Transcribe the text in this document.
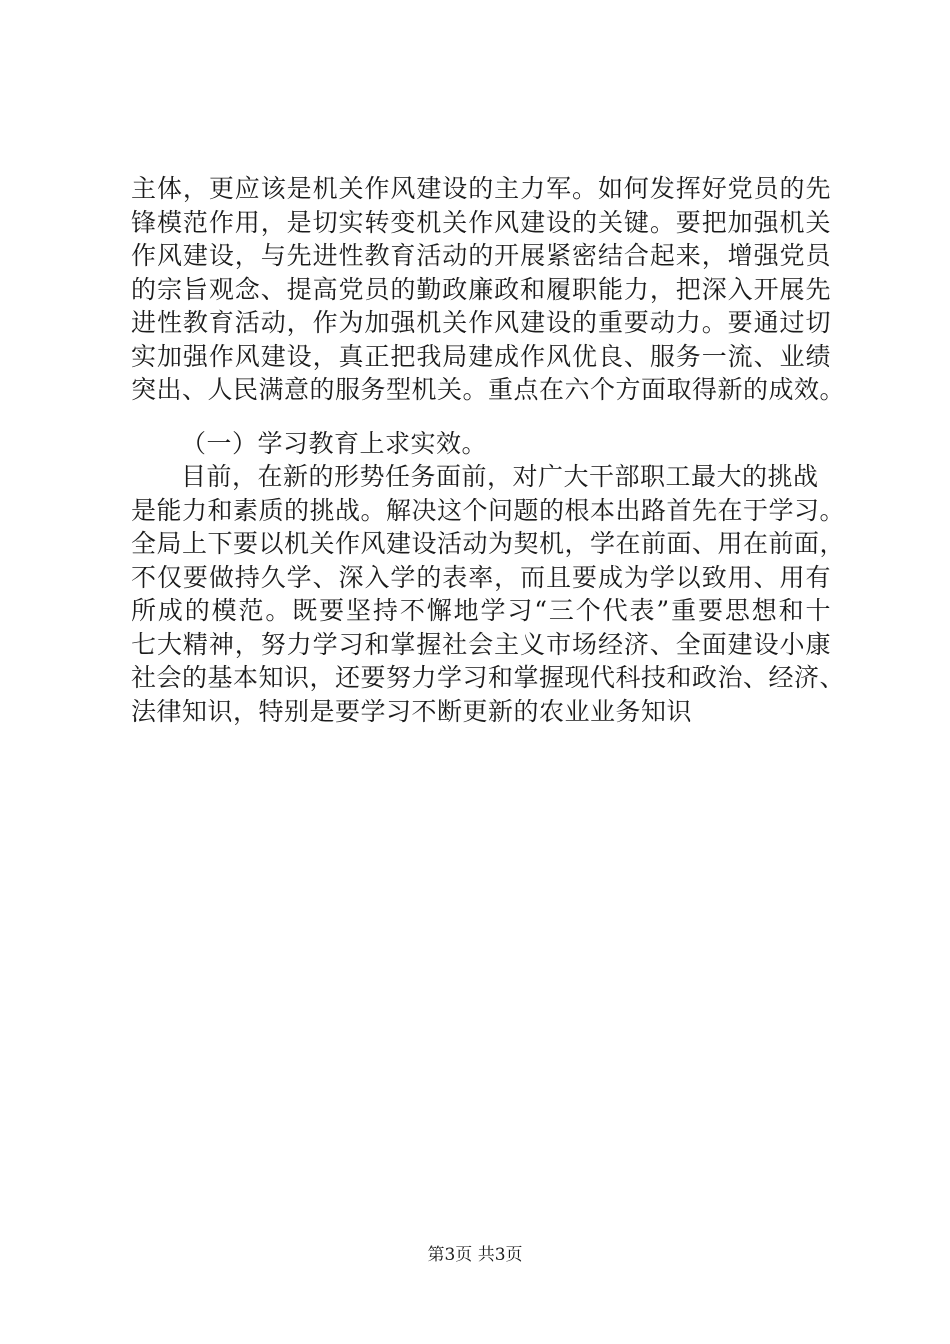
主体，更应该是机关作风建设的主力军。如何发挥好党员的先
锋模范作用，是切实转变机关作风建设的关键。要把加强机关
作风建设，与先进性教育活动的开展紧密结合起来，增强党员
的宗旨观念、提高党员的勤政廉政和履职能力，把深入开展先
进性教育活动，作为加强机关作风建设的重要动力。要通过切
实加强作风建设，真正把我局建成作风优良、服务一流、业绩
突出、人民满意的服务型机关。重点在六个方面取得新的成效。
（一）学习教育上求实效。
目前，在新的形势任务面前，对广大干部职工最大的挑战
是能力和素质的挑战。解决这个问题的根本出路首先在于学习。
全局上下要以机关作风建设活动为契机，学在前面、用在前面，
不仅要做持久学、深入学的表率，而且要成为学以致用、用有
所成的模范。既要坚持不懈地学习“三个代表”重要思想和十
七大精神，努力学习和掌握社会主义市场经济、全面建设小康
社会的基本知识，还要努力学习和掌握现代科技和政治、经济、
法律知识，特别是要学习不断更新的农业业务知识
第3页 共3页
